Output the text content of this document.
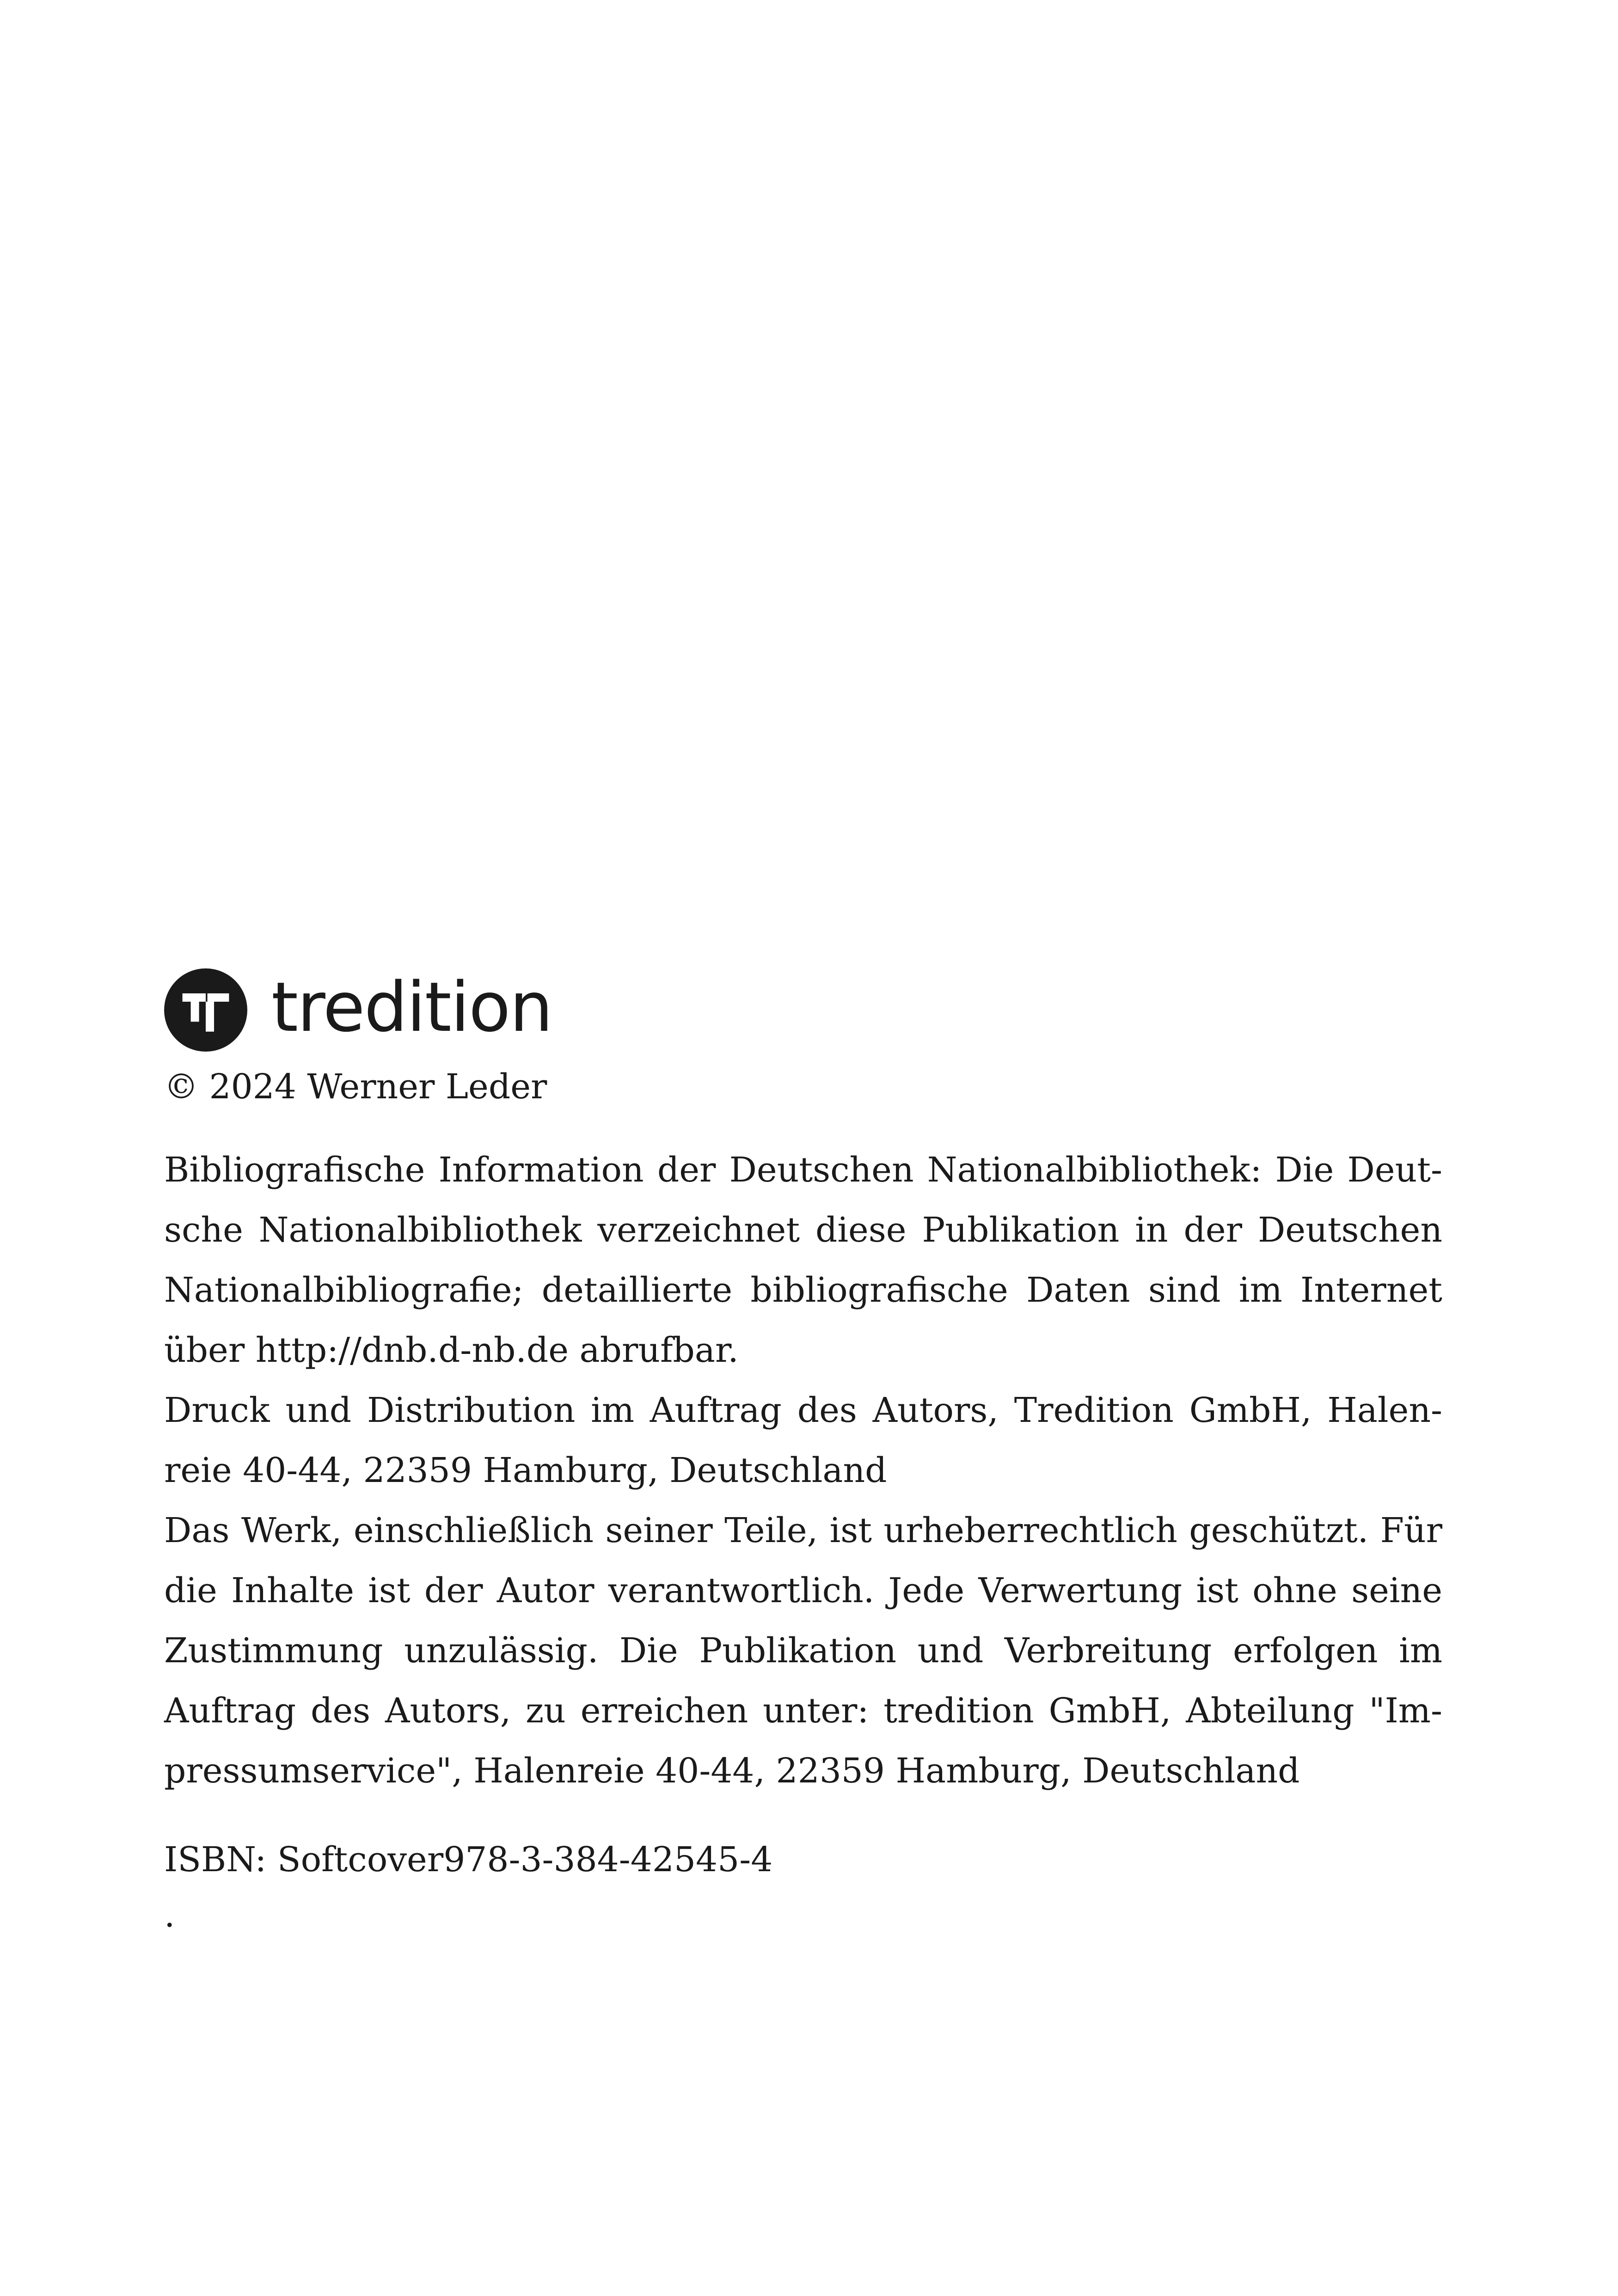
tredition

© 2024 Werner Leder

Bibliografische Information der Deutschen Nationalbibliothek: Die Deutsche Nationalbibliothek verzeichnet diese Publikation in der Deutschen Nationalbibliografie; detaillierte bibliografische Daten sind im Internet über http://dnb.d-nb.de abrufbar.

Druck und Distribution im Auftrag des Autors, Tredition GmbH, Halenreie 40-44, 22359 Hamburg, Deutschland

Das Werk, einschließlich seiner Teile, ist urheberrechtlich geschützt. Für die Inhalte ist der Autor verantwortlich. Jede Verwertung ist ohne seine Zustimmung unzulässig. Die Publikation und Verbreitung erfolgen im Auftrag des Autors, zu erreichen unter: tredition GmbH, Abteilung "Impressumservice", Halenreie 40-44, 22359 Hamburg, Deutschland

ISBN: Softcover978-3-384-42545-4

.
